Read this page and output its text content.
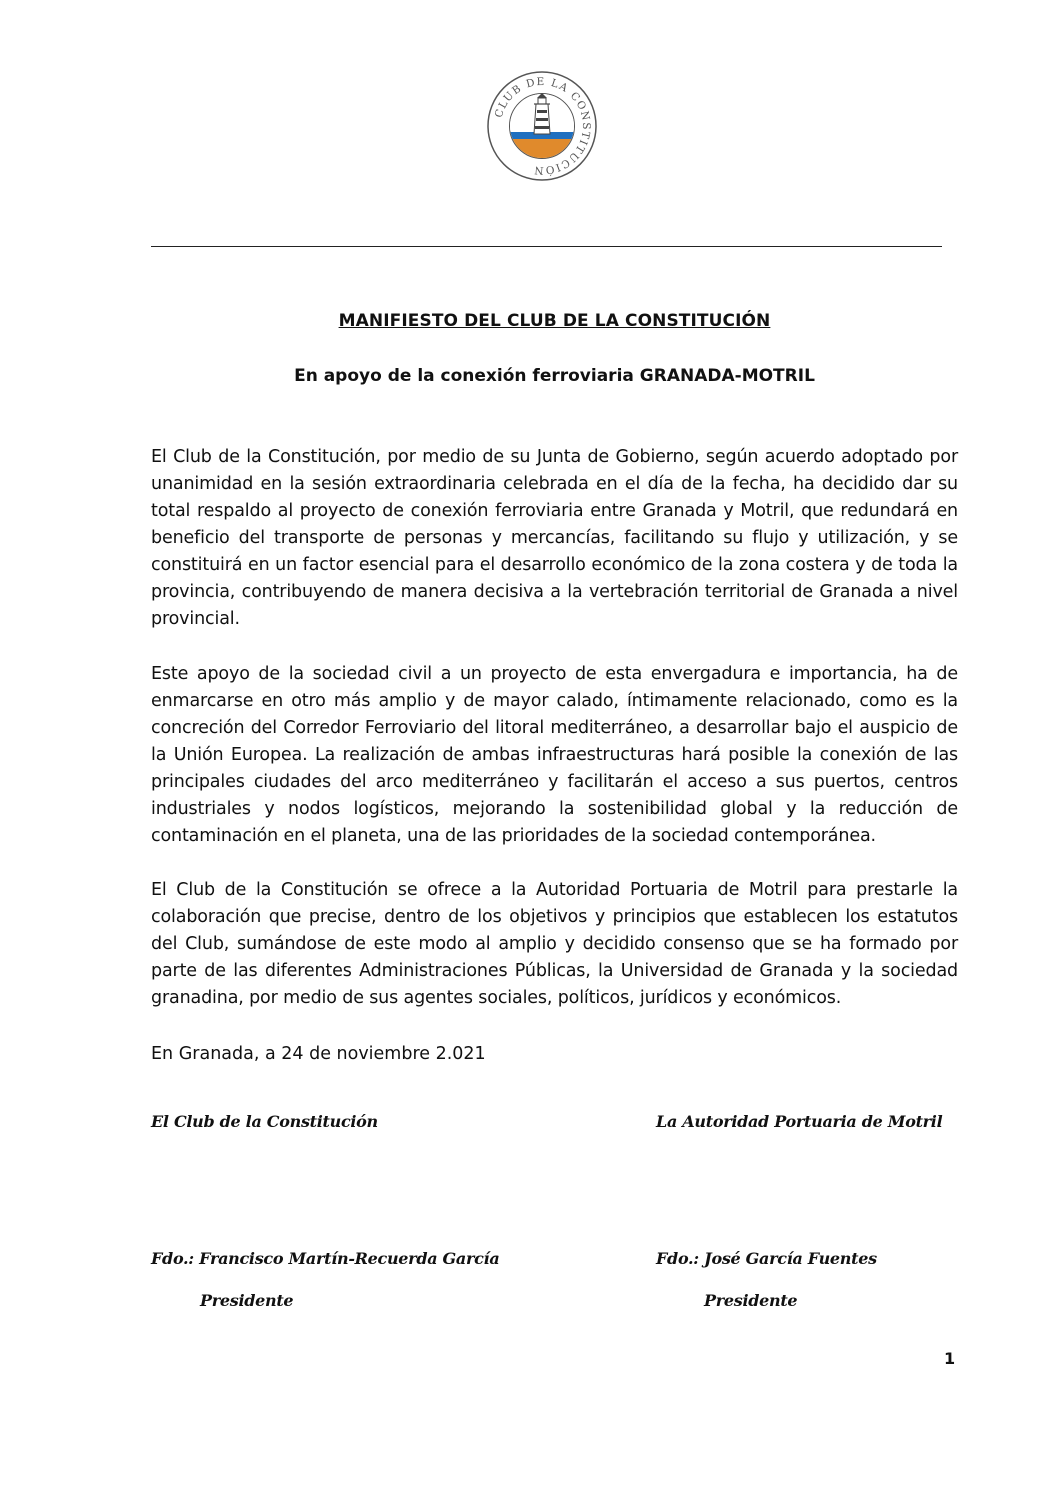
CLUB DE LA CONSTITUCIÓN
MANIFIESTO DEL CLUB DE LA CONSTITUCIÓN
En apoyo de la conexión ferroviaria GRANADA-MOTRIL

El Club de la Constitución, por medio de su Junta de Gobierno, según acuerdo adoptado por unanimidad en la sesión extraordinaria celebrada en el día de la fecha, ha decidido dar su total respaldo al proyecto de conexión ferroviaria entre Granada y Motril, que redundará en beneficio del transporte de personas y mercancías, facilitando su flujo y utilización, y se constituirá en un factor esencial para el desarrollo económico de la zona costera y de toda la provincia, contribuyendo de manera decisiva a la vertebración territorial de Granada a nivel provincial.

Este apoyo de la sociedad civil a un proyecto de esta envergadura e importancia, ha de enmarcarse en otro más amplio y de mayor calado, íntimamente relacionado, como es la concreción del Corredor Ferroviario del litoral mediterráneo, a desarrollar bajo el auspicio de la Unión Europea. La realización de ambas infraestructuras hará posible la conexión de las principales ciudades del arco mediterráneo y facilitarán el acceso a sus puertos, centros industriales y nodos logísticos, mejorando la sostenibilidad global y la reducción de contaminación en el planeta, una de las prioridades de la sociedad contemporánea.

El Club de la Constitución se ofrece a la Autoridad Portuaria de Motril para prestarle la colaboración que precise, dentro de los objetivos y principios que establecen los estatutos del Club, sumándose de este modo al amplio y decidido consenso que se ha formado por parte de las diferentes Administraciones Públicas, la Universidad de Granada y la sociedad granadina, por medio de sus agentes sociales, políticos, jurídicos y económicos.

En Granada, a 24 de noviembre 2.021

El Club de la Constitución	La Autoridad Portuaria de Motril

Fdo.: Francisco Martín-Recuerda García	Fdo.: José García Fuentes

Presidente	Presidente

1
